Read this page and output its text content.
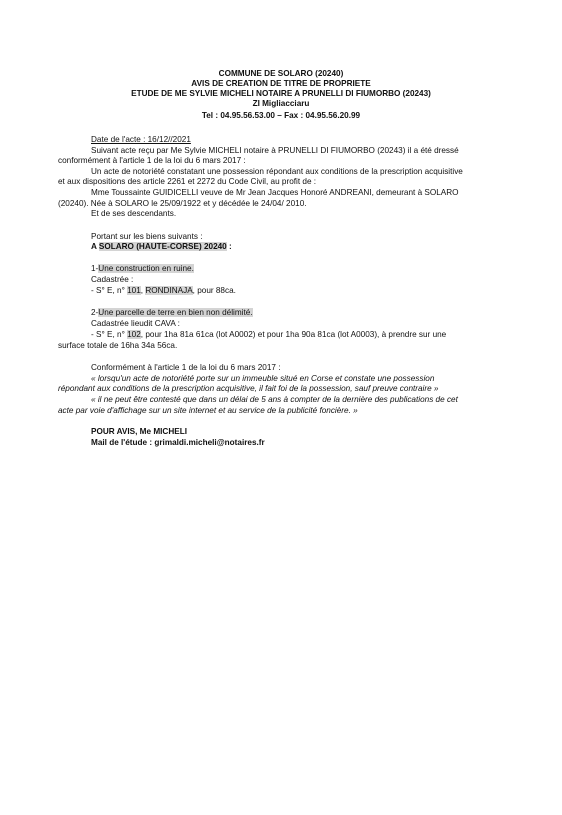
COMMUNE DE SOLARO (20240)
AVIS DE CREATION DE TITRE DE PROPRIETE
ETUDE DE ME SYLVIE MICHELI NOTAIRE A PRUNELLI DI FIUMORBO (20243)
ZI Migliacciaru
Tel : 04.95.56.53.00 – Fax : 04.95.56.20.99
Date de l'acte : 16/12//2021
Suivant acte reçu par Me Sylvie MICHELI notaire à PRUNELLI DI FIUMORBO (20243) il a été dressé
conformément à l'article 1 de la loi du 6 mars 2017 :
Un acte de notoriété constatant une possession répondant aux conditions de la prescription acquisitive
et aux dispositions des article 2261 et 2272 du Code Civil, au profit de :
Mme Toussainte GUIDICELLI veuve de Mr Jean Jacques Honoré ANDREANI, demeurant à SOLARO
(20240). Née à SOLARO le 25/09/1922 et y décédée le 24/04/ 2010.
Et de ses descendants.
Portant sur les biens suivants :
A SOLARO (HAUTE-CORSE) 20240 :
1-Une construction en ruine.
Cadastrée :
- S° E, n° 101, RONDINAJA, pour 88ca.
2-Une parcelle de terre en bien non délimité.
Cadastrée lieudit CAVA :
- S° E, n° 102, pour 1ha 81a 61ca (lot A0002) et pour 1ha 90a 81ca (lot A0003), à prendre sur une
surface totale de 16ha 34a 56ca.
Conformément à l'article 1 de la loi du 6 mars 2017 :
« lorsqu'un acte de notoriété porte sur un immeuble situé en Corse et constate une possession
répondant aux conditions de la prescription acquisitive, il fait foi de la possession, sauf preuve contraire »
« il ne peut être contesté que dans un délai de 5 ans à compter de la dernière des publications de cet
acte par voie d'affichage sur un site internet et au service de la publicité foncière. »
POUR AVIS, Me MICHELI
Mail de l'étude : grimaldi.micheli@notaires.fr
